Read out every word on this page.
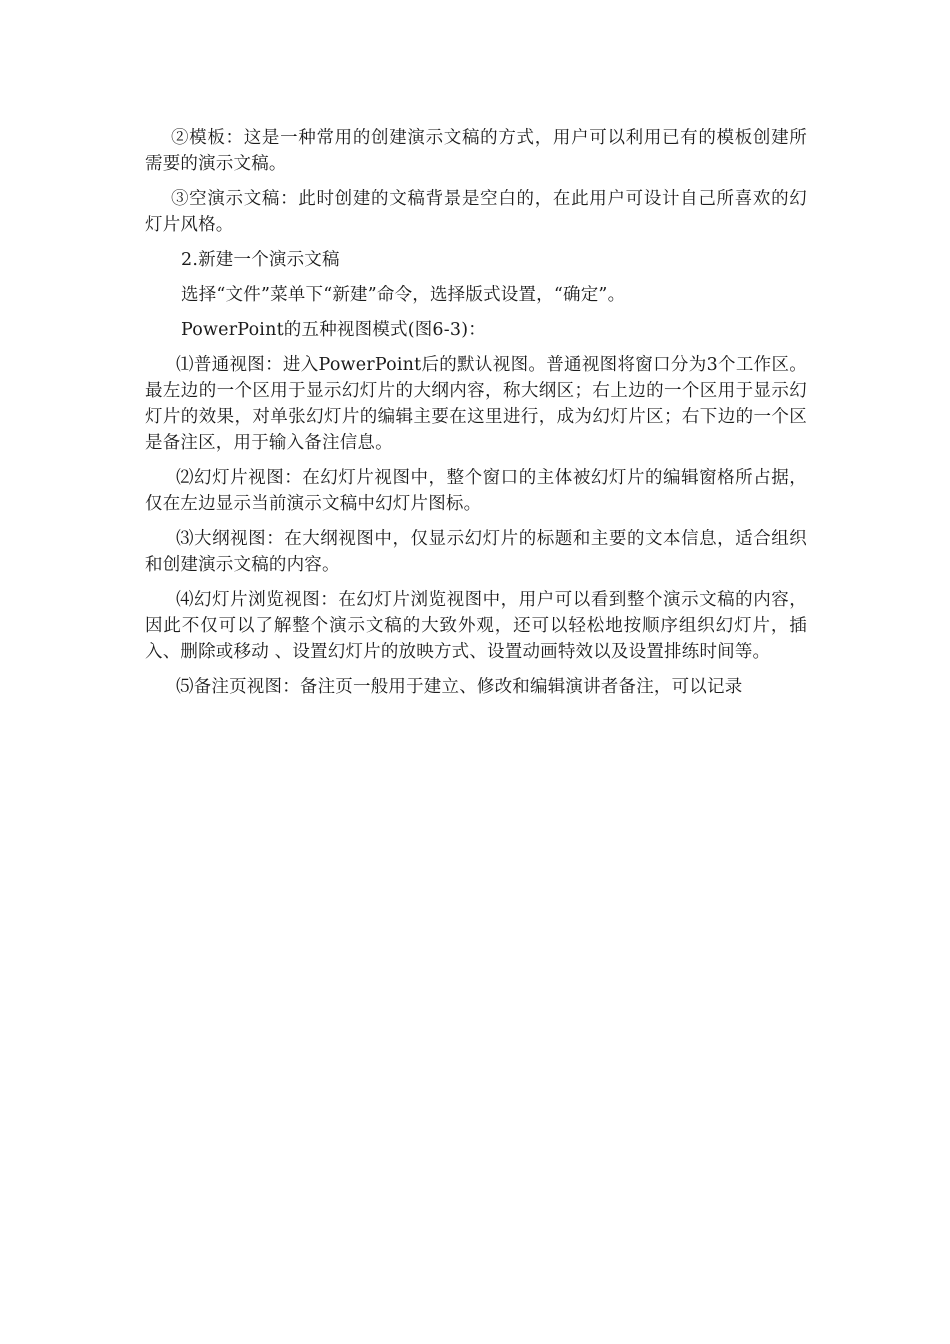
②模板：这是一种常用的创建演示文稿的方式，用户可以利用已有的模板创建所需要的演示文稿。

③空演示文稿：此时创建的文稿背景是空白的，在此用户可设计自己所喜欢的幻灯片风格。

2.新建一个演示文稿

选择“文件”菜单下“新建”命令，选择版式设置，“确定”。

PowerPoint的五种视图模式(图6-3)：

⑴普通视图：进入PowerPoint后的默认视图。普通视图将窗口分为3个工作区。最左边的一个区用于显示幻灯片的大纲内容，称大纲区；右上边的一个区用于显示幻灯片的效果，对单张幻灯片的编辑主要在这里进行，成为幻灯片区；右下边的一个区是备注区，用于输入备注信息。

⑵幻灯片视图：在幻灯片视图中，整个窗口的主体被幻灯片的编辑窗格所占据，仅在左边显示当前演示文稿中幻灯片图标。

⑶大纲视图：在大纲视图中，仅显示幻灯片的标题和主要的文本信息，适合组织和创建演示文稿的内容。

⑷幻灯片浏览视图：在幻灯片浏览视图中，用户可以看到整个演示文稿的内容，因此不仅可以了解整个演示文稿的大致外观，还可以轻松地按顺序组织幻灯片，插入、删除或移动 、设置幻灯片的放映方式、设置动画特效以及设置排练时间等。

⑸备注页视图：备注页一般用于建立、修改和编辑演讲者备注，可以记录
